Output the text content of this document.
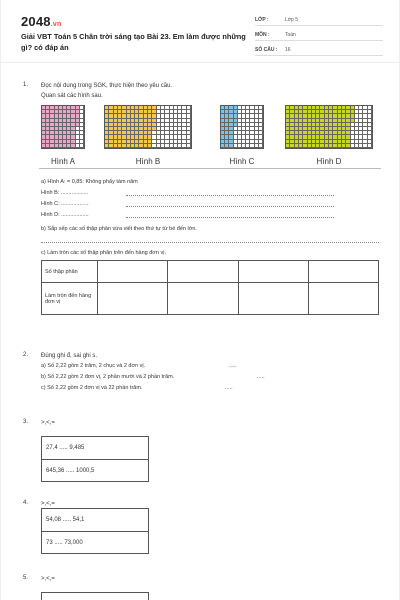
2048.vn
Giải VBT Toán 5 Chân trời sáng tạo Bài 23. Em làm được những gì? có đáp án
LỚP :	Lớp 5
MÔN :	Toán
SỐ CÂU : 16
1. Đọc nội dung trong SGK, thực hiện theo yêu cầu.
Quan sát các hình sau.
Hình A	Hình B	Hình C	Hình D
a) Hình A: = 0,85: Không phẩy tám năm
Hình B: ..................
Hình C: ..................
Hình D: ..................
b) Sắp xếp các số thập phân vừa viết theo thứ tự từ bé đến lớn.
c) Làm tròn các số thập phân trên đến hàng đơn vị.
Số thập phân				
Làm tròn đến hàng đơn vị				
2. Đúng ghi đ, sai ghi s.
a) Số 2,22 gồm 2 trăm, 2 chục và 2 đơn vị.	.....
b) Số 2,22 gồm 2 đơn vị, 2 phần mười và 2 phần trăm.	.....
c) Số 2,22 gồm 2 đơn vị và 22 phần trăm.	.....
3. >,<,=
27,4 ..... 9,485
645,36 ..... 1000,5
4. >,<,=
54,08 ..... 54,1
73 ..... 73,000
5. >,<,=
